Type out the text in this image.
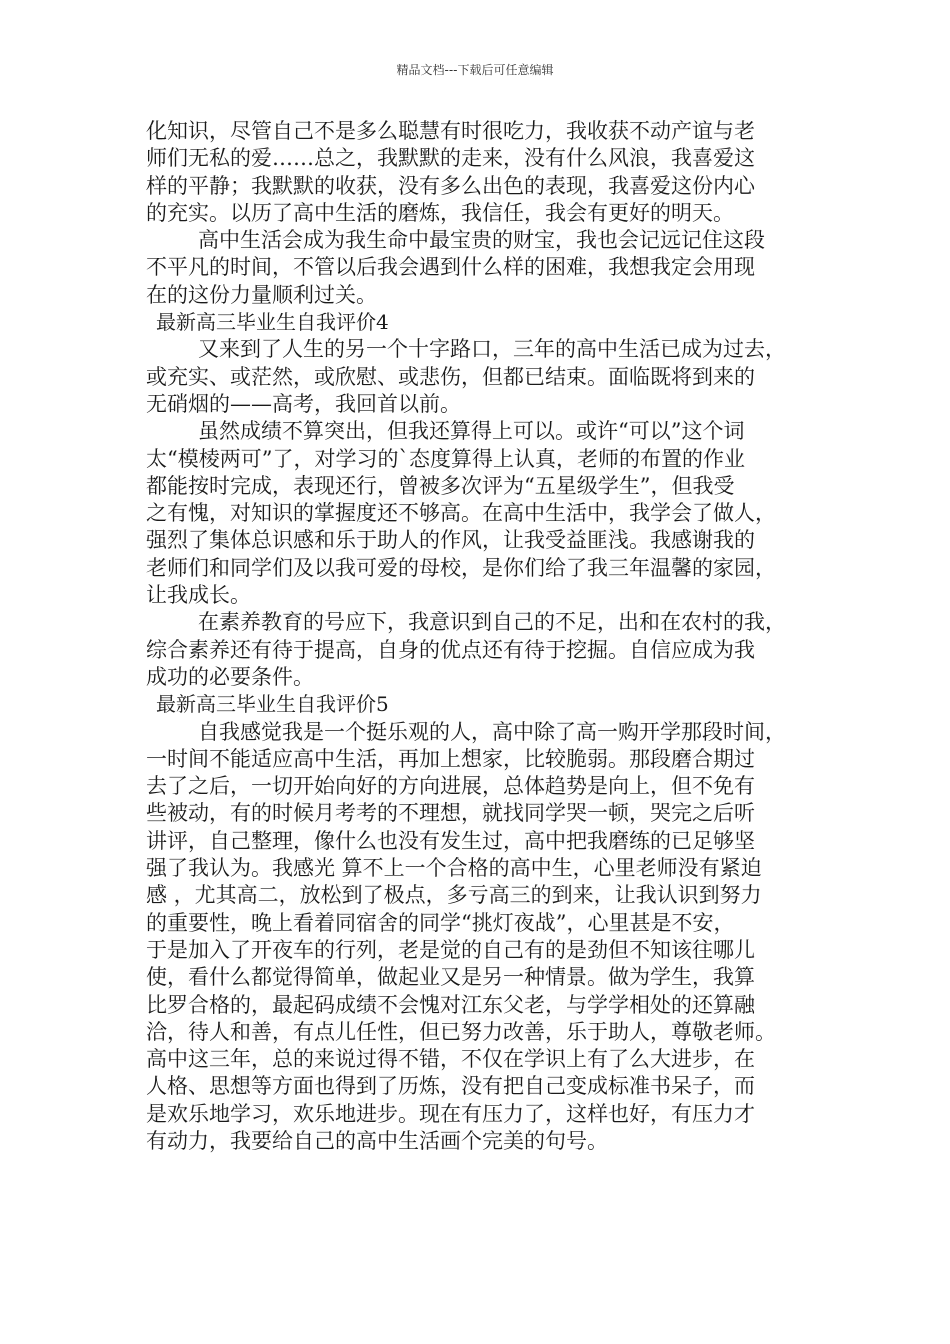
精品文档---下载后可任意编辑
化知识，尽管自己不是多么聪慧有时很吃力，我收获不动产谊与老
师们无私的爱……总之，我默默的走来，没有什么风浪，我喜爱这
样的平静；我默默的收获，没有多么出色的表现，我喜爱这份内心
的充实。以历了高中生活的磨炼，我信任，我会有更好的明天。
高中生活会成为我生命中最宝贵的财宝，我也会记远记住这段
不平凡的时间，不管以后我会遇到什么样的困难，我想我定会用现
在的这份力量顺利过关。
最新高三毕业生自我评价4
又来到了人生的另一个十字路口，三年的高中生活已成为过去，
或充实、或茫然，或欣慰、或悲伤，但都已结束。面临既将到来的
无硝烟的——高考，我回首以前。
虽然成绩不算突出，但我还算得上可以。或许“可以”这个词
太“模棱两可”了，对学习的`态度算得上认真，老师的布置的作业
都能按时完成，表现还行，曾被多次评为“五星级学生”，但我受
之有愧，对知识的掌握度还不够高。在高中生活中，我学会了做人，
强烈了集体总识感和乐于助人的作风，让我受益匪浅。我感谢我的
老师们和同学们及以我可爱的母校，是你们给了我三年温馨的家园，
让我成长。
在素养教育的号应下，我意识到自己的不足，出和在农村的我，
综合素养还有待于提高，自身的优点还有待于挖掘。自信应成为我
成功的必要条件。
最新高三毕业生自我评价5
自我感觉我是一个挺乐观的人，高中除了高一购开学那段时间，
一时间不能适应高中生活，再加上想家，比较脆弱。那段磨合期过
去了之后，一切开始向好的方向进展，总体趋势是向上，但不免有
些被动，有的时候月考考的不理想，就找同学哭一顿，哭完之后听
讲评，自己整理，像什么也没有发生过，高中把我磨练的已足够坚
强了我认为。我感光 算不上一个合格的高中生，心里老师没有紧迫
感 ，尤其高二，放松到了极点，多亏高三的到来，让我认识到努力
的重要性，晚上看着同宿舍的同学“挑灯夜战”，心里甚是不安，
于是加入了开夜车的行列，老是觉的自己有的是劲但不知该往哪儿
使，看什么都觉得简单，做起业又是另一种情景。做为学生，我算
比罗合格的，最起码成绩不会愧对江东父老，与学学相处的还算融
洽，待人和善，有点儿任性，但已努力改善，乐于助人，尊敬老师。
高中这三年，总的来说过得不错，不仅在学识上有了么大进步，在
人格、思想等方面也得到了历炼，没有把自己变成标准书呆子，而
是欢乐地学习，欢乐地进步。现在有压力了，这样也好，有压力才
有动力，我要给自己的高中生活画个完美的句号。
